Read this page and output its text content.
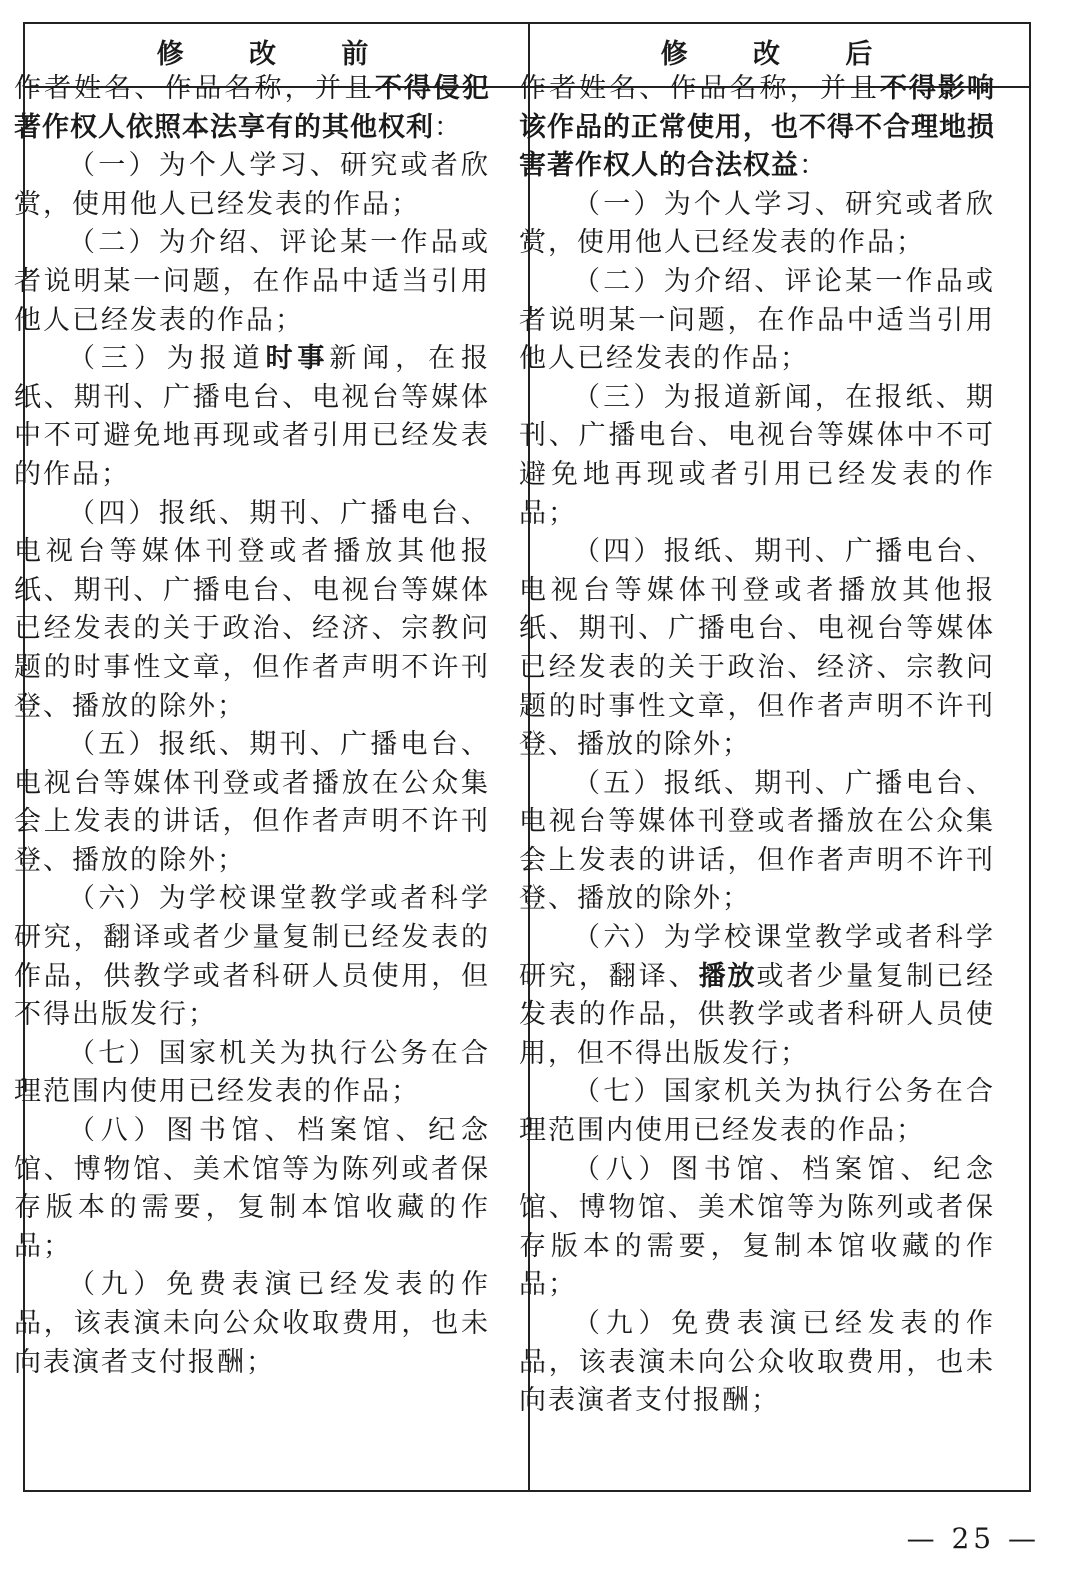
修 改 前	修 改 后

作者姓名、作品名称，并且不得侵犯著作权人依照本法享有的其他权利：

（一）为个人学习、研究或者欣赏，使用他人已经发表的作品；

（二）为介绍、评论某一作品或者说明某一问题，在作品中适当引用他人已经发表的作品；

（三）为报道时事新闻，在报纸、期刊、广播电台、电视台等媒体中不可避免地再现或者引用已经发表的作品；

（四）报纸、期刊、广播电台、电视台等媒体刊登或者播放其他报纸、期刊、广播电台、电视台等媒体已经发表的关于政治、经济、宗教问题的时事性文章，但作者声明不许刊登、播放的除外；

（五）报纸、期刊、广播电台、电视台等媒体刊登或者播放在公众集会上发表的讲话，但作者声明不许刊登、播放的除外；

（六）为学校课堂教学或者科学研究，翻译或者少量复制已经发表的作品，供教学或者科研人员使用，但不得出版发行；

（七）国家机关为执行公务在合理范围内使用已经发表的作品；

（八）图书馆、档案馆、纪念馆、博物馆、美术馆等为陈列或者保存版本的需要，复制本馆收藏的作品；

（九）免费表演已经发表的作品，该表演未向公众收取费用，也未向表演者支付报酬；

作者姓名、作品名称，并且不得影响该作品的正常使用，也不得不合理地损害著作权人的合法权益：

（一）为个人学习、研究或者欣赏，使用他人已经发表的作品；

（二）为介绍、评论某一作品或者说明某一问题，在作品中适当引用他人已经发表的作品；

（三）为报道新闻，在报纸、期刊、广播电台、电视台等媒体中不可避免地再现或者引用已经发表的作品；

（四）报纸、期刊、广播电台、电视台等媒体刊登或者播放其他报纸、期刊、广播电台、电视台等媒体已经发表的关于政治、经济、宗教问题的时事性文章，但作者声明不许刊登、播放的除外；

（五）报纸、期刊、广播电台、电视台等媒体刊登或者播放在公众集会上发表的讲话，但作者声明不许刊登、播放的除外；

（六）为学校课堂教学或者科学研究，翻译、播放或者少量复制已经发表的作品，供教学或者科研人员使用，但不得出版发行；

（七）国家机关为执行公务在合理范围内使用已经发表的作品；

（八）图书馆、档案馆、纪念馆、博物馆、美术馆等为陈列或者保存版本的需要，复制本馆收藏的作品；

（九）免费表演已经发表的作品，该表演未向公众收取费用，也未向表演者支付报酬；

— 25 —
